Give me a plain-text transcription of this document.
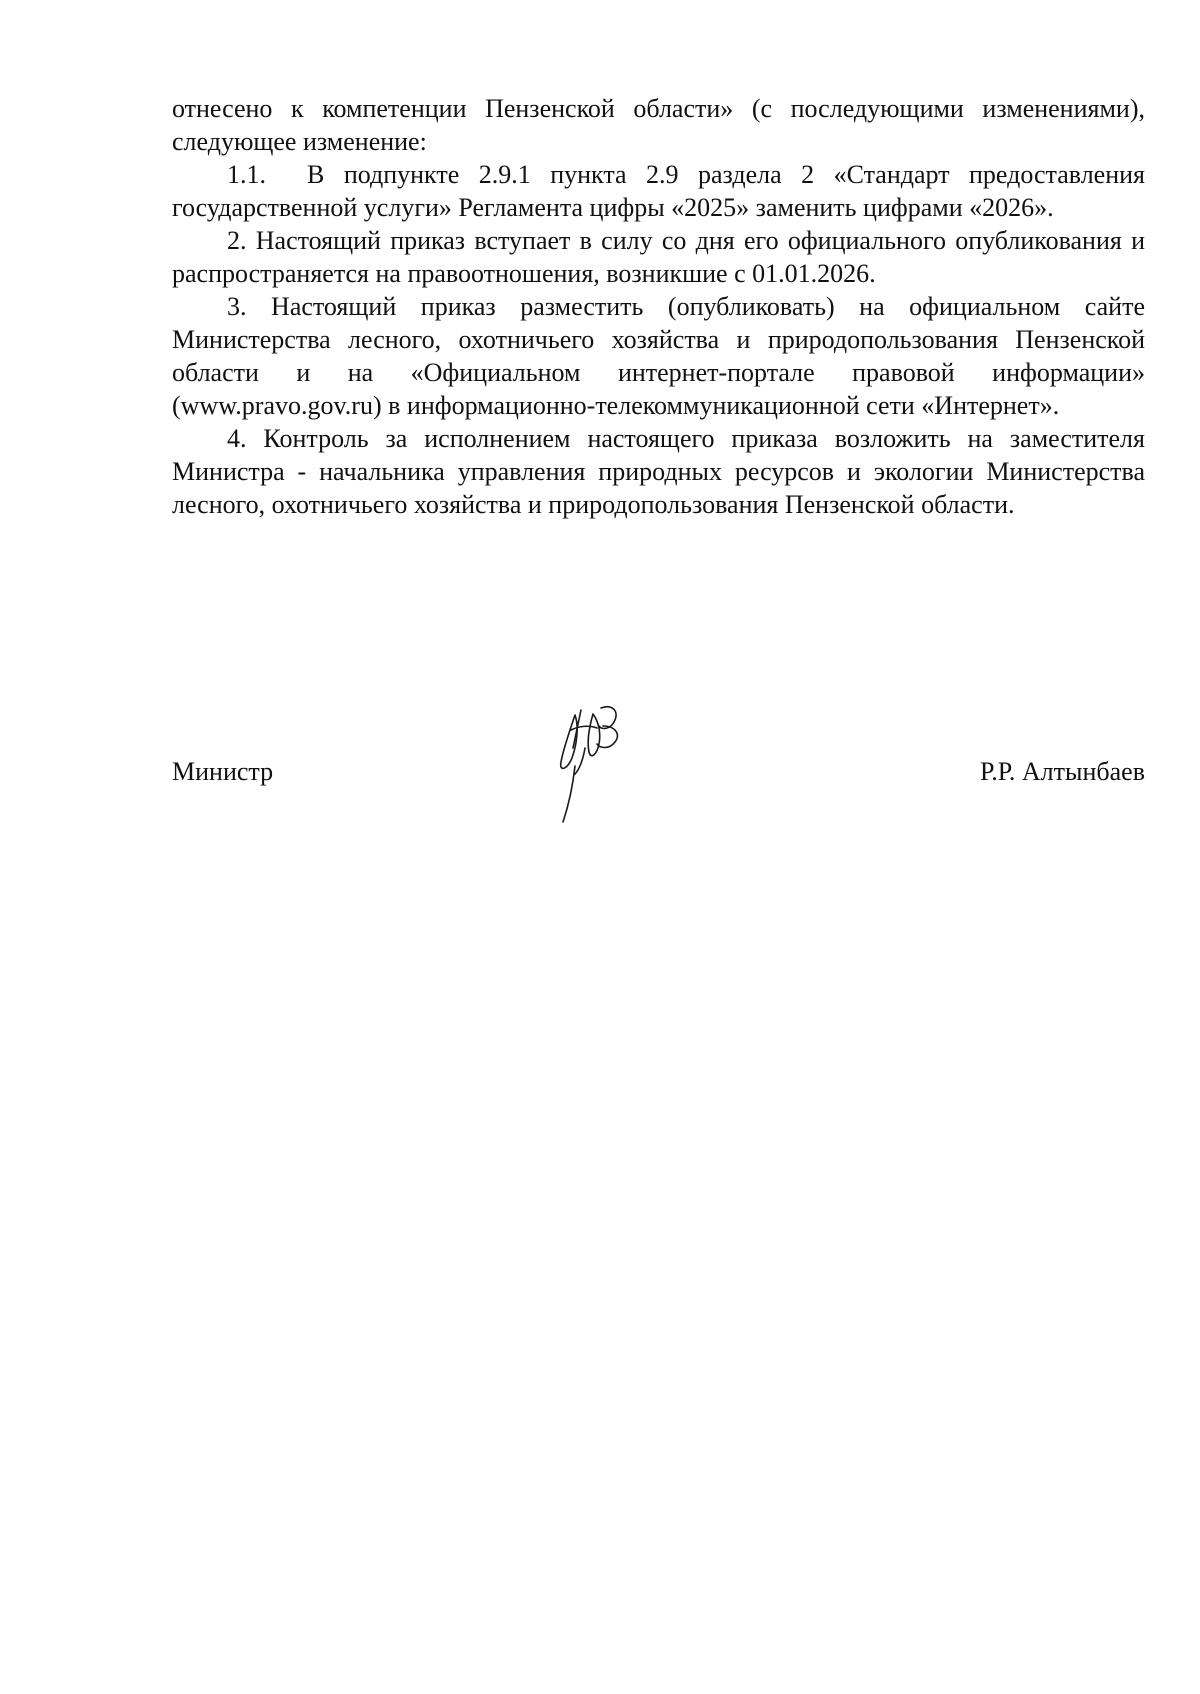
отнесено к компетенции Пензенской области» (с последующими изменениями), следующее изменение:

1.1. В подпункте 2.9.1 пункта 2.9 раздела 2 «Стандарт предоставления государственной услуги» Регламента цифры «2025» заменить цифрами «2026».

2. Настоящий приказ вступает в силу со дня его официального опубликования и распространяется на правоотношения, возникшие с 01.01.2026.

3. Настоящий приказ разместить (опубликовать) на официальном сайте Министерства лесного, охотничьего хозяйства и природопользования Пензенской области и на «Официальном интернет-портале правовой информации» (www.pravo.gov.ru) в информационно-телекоммуникационной сети «Интернет».

4. Контроль за исполнением настоящего приказа возложить на заместителя Министра - начальника управления природных ресурсов и экологии Министерства лесного, охотничьего хозяйства и природопользования Пензенской области.

Министр	Р.Р. Алтынбаев
